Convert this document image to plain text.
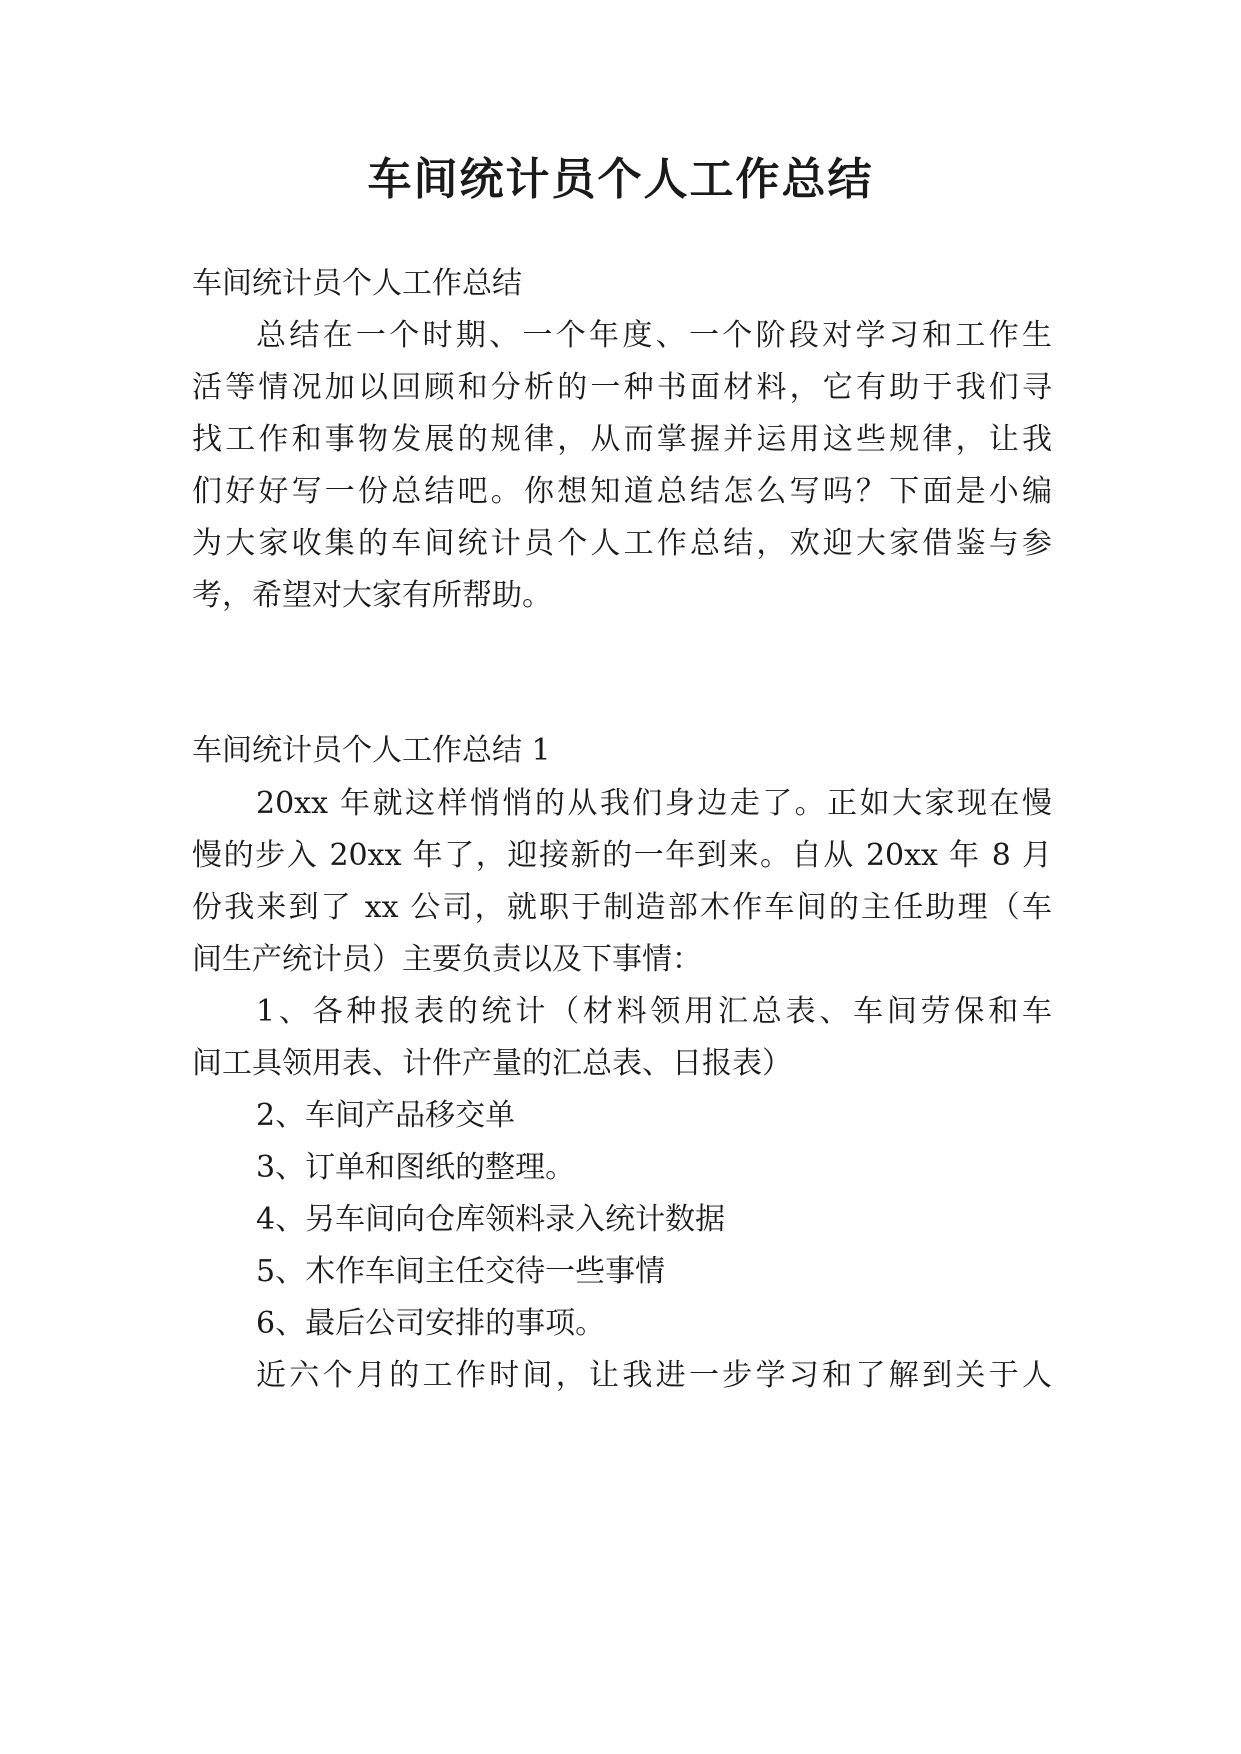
车间统计员个人工作总结

车间统计员个人工作总结

总结在一个时期、一个年度、一个阶段对学习和工作生

活等情况加以回顾和分析的一种书面材料，它有助于我们寻

找工作和事物发展的规律，从而掌握并运用这些规律，让我

们好好写一份总结吧。你想知道总结怎么写吗？下面是小编

为大家收集的车间统计员个人工作总结，欢迎大家借鉴与参

考，希望对大家有所帮助。

车间统计员个人工作总结 1

20xx 年就这样悄悄的从我们身边走了。正如大家现在慢

慢的步入 20xx 年了，迎接新的一年到来。自从 20xx 年 8 月

份我来到了 xx 公司，就职于制造部木作车间的主任助理（车

间生产统计员）主要负责以及下事情：

1、各种报表的统计（材料领用汇总表、车间劳保和车

间工具领用表、计件产量的汇总表、日报表）

2、车间产品移交单

3、订单和图纸的整理。

4、另车间向仓库领料录入统计数据

5、木作车间主任交待一些事情

6、最后公司安排的事项。

近六个月的工作时间，让我进一步学习和了解到关于人
